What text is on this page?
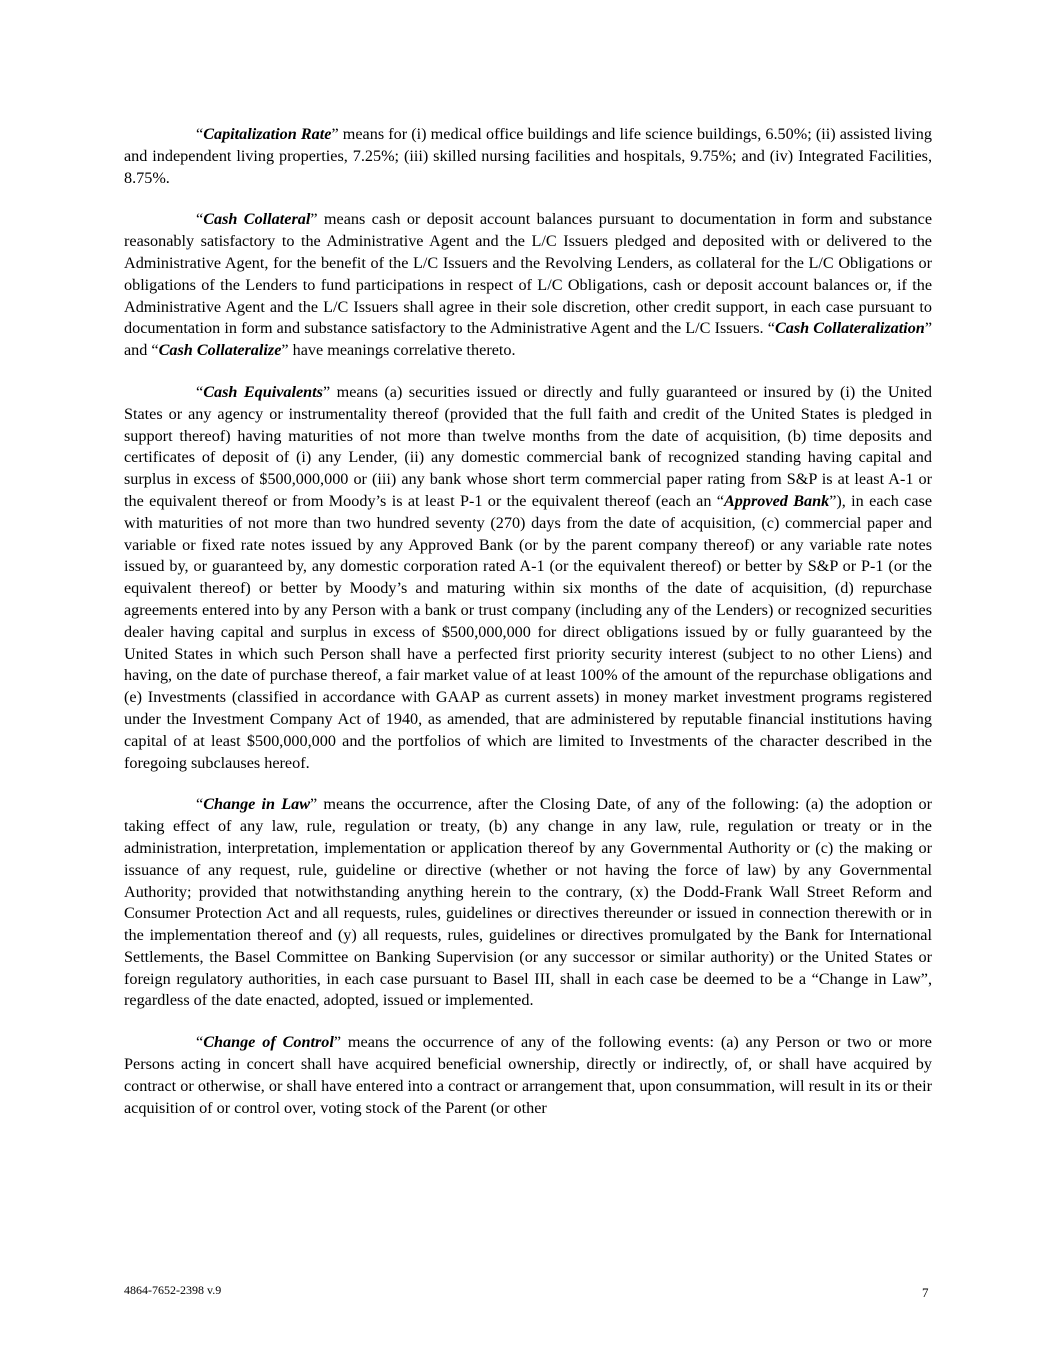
“Capitalization Rate” means for (i) medical office buildings and life science buildings, 6.50%; (ii) assisted living and independent living properties, 7.25%; (iii) skilled nursing facilities and hospitals, 9.75%; and (iv) Integrated Facilities, 8.75%.

“Cash Collateral” means cash or deposit account balances pursuant to documentation in form and substance reasonably satisfactory to the Administrative Agent and the L/C Issuers pledged and deposited with or delivered to the Administrative Agent, for the benefit of the L/C Issuers and the Revolving Lenders, as collateral for the L/C Obligations or obligations of the Lenders to fund participations in respect of L/C Obligations, cash or deposit account balances or, if the Administrative Agent and the L/C Issuers shall agree in their sole discretion, other credit support, in each case pursuant to documentation in form and substance satisfactory to the Administrative Agent and the L/C Issuers. “Cash Collateralization” and “Cash Collateralize” have meanings correlative thereto.

“Cash Equivalents” means (a) securities issued or directly and fully guaranteed or insured by (i) the United States or any agency or instrumentality thereof (provided that the full faith and credit of the United States is pledged in support thereof) having maturities of not more than twelve months from the date of acquisition, (b) time deposits and certificates of deposit of (i) any Lender, (ii) any domestic commercial bank of recognized standing having capital and surplus in excess of $500,000,000 or (iii) any bank whose short term commercial paper rating from S&P is at least A-1 or the equivalent thereof or from Moody’s is at least P-1 or the equivalent thereof (each an “Approved Bank”), in each case with maturities of not more than two hundred seventy (270) days from the date of acquisition, (c) commercial paper and variable or fixed rate notes issued by any Approved Bank (or by the parent company thereof) or any variable rate notes issued by, or guaranteed by, any domestic corporation rated A-1 (or the equivalent thereof) or better by S&P or P-1 (or the equivalent thereof) or better by Moody’s and maturing within six months of the date of acquisition, (d) repurchase agreements entered into by any Person with a bank or trust company (including any of the Lenders) or recognized securities dealer having capital and surplus in excess of $500,000,000 for direct obligations issued by or fully guaranteed by the United States in which such Person shall have a perfected first priority security interest (subject to no other Liens) and having, on the date of purchase thereof, a fair market value of at least 100% of the amount of the repurchase obligations and (e) Investments (classified in accordance with GAAP as current assets) in money market investment programs registered under the Investment Company Act of 1940, as amended, that are administered by reputable financial institutions having capital of at least $500,000,000 and the portfolios of which are limited to Investments of the character described in the foregoing subclauses hereof.

“Change in Law” means the occurrence, after the Closing Date, of any of the following: (a) the adoption or taking effect of any law, rule, regulation or treaty, (b) any change in any law, rule, regulation or treaty or in the administration, interpretation, implementation or application thereof by any Governmental Authority or (c) the making or issuance of any request, rule, guideline or directive (whether or not having the force of law) by any Governmental Authority; provided that notwithstanding anything herein to the contrary, (x) the Dodd-Frank Wall Street Reform and Consumer Protection Act and all requests, rules, guidelines or directives thereunder or issued in connection therewith or in the implementation thereof and (y) all requests, rules, guidelines or directives promulgated by the Bank for International Settlements, the Basel Committee on Banking Supervision (or any successor or similar authority) or the United States or foreign regulatory authorities, in each case pursuant to Basel III, shall in each case be deemed to be a “Change in Law”, regardless of the date enacted, adopted, issued or implemented.

“Change of Control” means the occurrence of any of the following events: (a) any Person or two or more Persons acting in concert shall have acquired beneficial ownership, directly or indirectly, of, or shall have acquired by contract or otherwise, or shall have entered into a contract or arrangement that, upon consummation, will result in its or their acquisition of or control over, voting stock of the Parent (or other

4864-7652-2398 v.9	7
